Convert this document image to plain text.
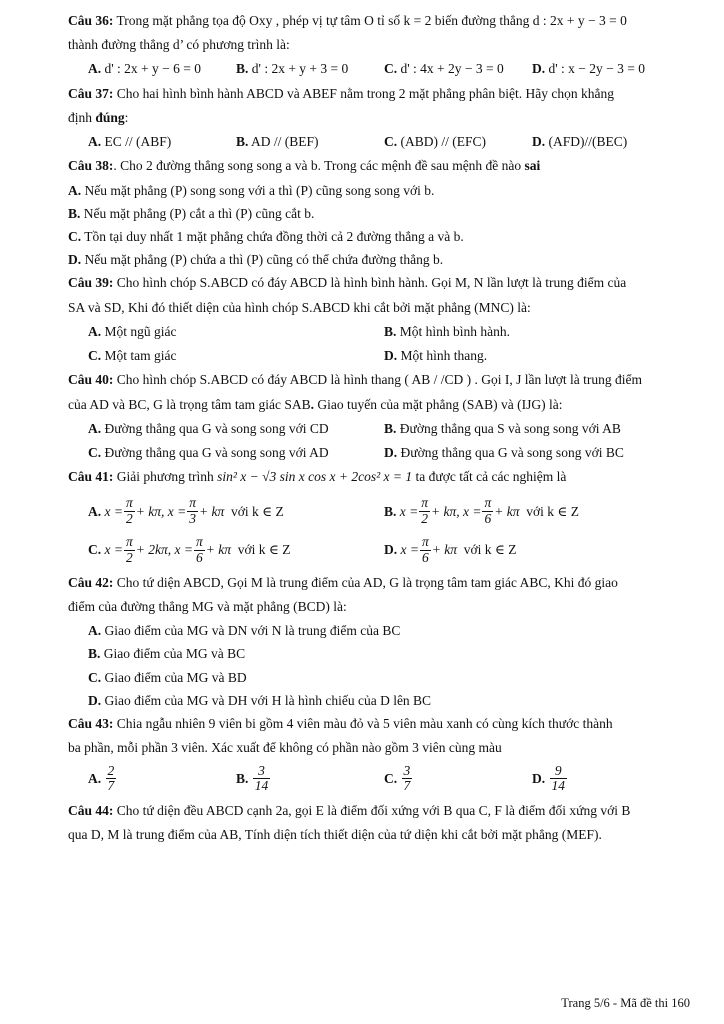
Câu 36: Trong mặt phẳng tọa độ Oxy , phép vị tự tâm O tỉ số k = 2 biến đường thẳng d : 2x + y − 3 = 0

thành đường thẳng d’ có phương trình là:

A. d' : 2x + y − 6 = 0	B. d' : 2x + y + 3 = 0	C. d' : 4x + 2y − 3 = 0	D. d' : x − 2y − 3 = 0

Câu 37: Cho hai hình bình hành ABCD và ABEF nằm trong 2 mặt phẳng phân biệt. Hãy chọn khẳng

định đúng:

A. EC // (ABF)	B. AD // (BEF)	C. (ABD) // (EFC)	D. (AFD)//(BEC)

Câu 38:. Cho 2 đường thẳng song song a và b. Trong các mệnh đề sau mệnh đề nào sai

A. Nếu mặt phẳng (P) song song với a thì (P) cũng song song với b.

B. Nếu mặt phẳng (P) cắt a thì (P) cũng cắt b.

C. Tồn tại duy nhất 1 mặt phẳng chứa đồng thời cả 2 đường thẳng a và b.

D. Nếu mặt phẳng (P) chứa a thì (P) cũng có thể chứa đường thẳng b.

Câu 39: Cho hình chóp S.ABCD có đáy ABCD là hình bình hành. Gọi M, N lần lượt là trung điểm của

SA và SD, Khi đó thiết diện của hình chóp S.ABCD khi cắt bởi mặt phẳng (MNC) là:

A. Một ngũ giác	B. Một hình bình hành.
C. Một tam giác	D. Một hình thang.

Câu 40: Cho hình chóp S.ABCD có đáy ABCD là hình thang ( AB / /CD ) . Gọi I, J lần lượt là trung điểm

của AD và BC, G là trọng tâm tam giác SAB. Giao tuyến của mặt phẳng (SAB) và (IJG) là:

A. Đường thẳng qua G và song song với CD	B. Đường thẳng qua S và song song với AB
C. Đường thẳng qua G và song song với AD	D. Đường thẳng qua G và song song với BC

Câu 41: Giải phương trình sin² x − √3 sin x cos x + 2cos² x = 1 ta được tất cả các nghiệm là

A.
$x = \frac{\pi}{2} + k\pi$, $x = \frac{\pi}{3} + k\pi$
với k ∈ Z	B.
$x = \frac{\pi}{2} + k\pi$, $x = \frac{\pi}{6} + k\pi$
với k ∈ Z
C.
$x = \frac{\pi}{2} + 2k\pi$, $x = \frac{\pi}{6} + k\pi$
với k ∈ Z	D.
$x = \frac{\pi}{6} + k\pi$
với k ∈ Z

Câu 42: Cho tứ diện ABCD, Gọi M là trung điểm của AD, G là trọng tâm tam giác ABC, Khi đó giao

điểm của đường thẳng MG và mặt phẳng (BCD) là:

A. Giao điểm của MG và DN với N là trung điểm của BC

B. Giao điểm của MG và BC

C. Giao điểm của MG và BD

D. Giao điểm của MG và DH với H là hình chiếu của D lên BC

Câu 43: Chia ngẫu nhiên 9 viên bi gồm 4 viên màu đỏ và 5 viên màu xanh có cùng kích thước thành

ba phần, mỗi phần 3 viên. Xác xuất để không có phần nào gồm 3 viên cùng màu

A.
$\frac{2}{7}$	B.
$\frac{3}{14}$	C.
$\frac{3}{7}$	D.
$\frac{9}{14}$

Câu 44: Cho tứ diện đều ABCD cạnh 2a, gọi E là điểm đối xứng với B qua C, F là điểm đối xứng với B

qua D, M là trung điểm của AB, Tính diện tích thiết diện của tứ diện khi cắt bởi mặt phẳng (MEF).

Trang 5/6 - Mã đề thi 160
